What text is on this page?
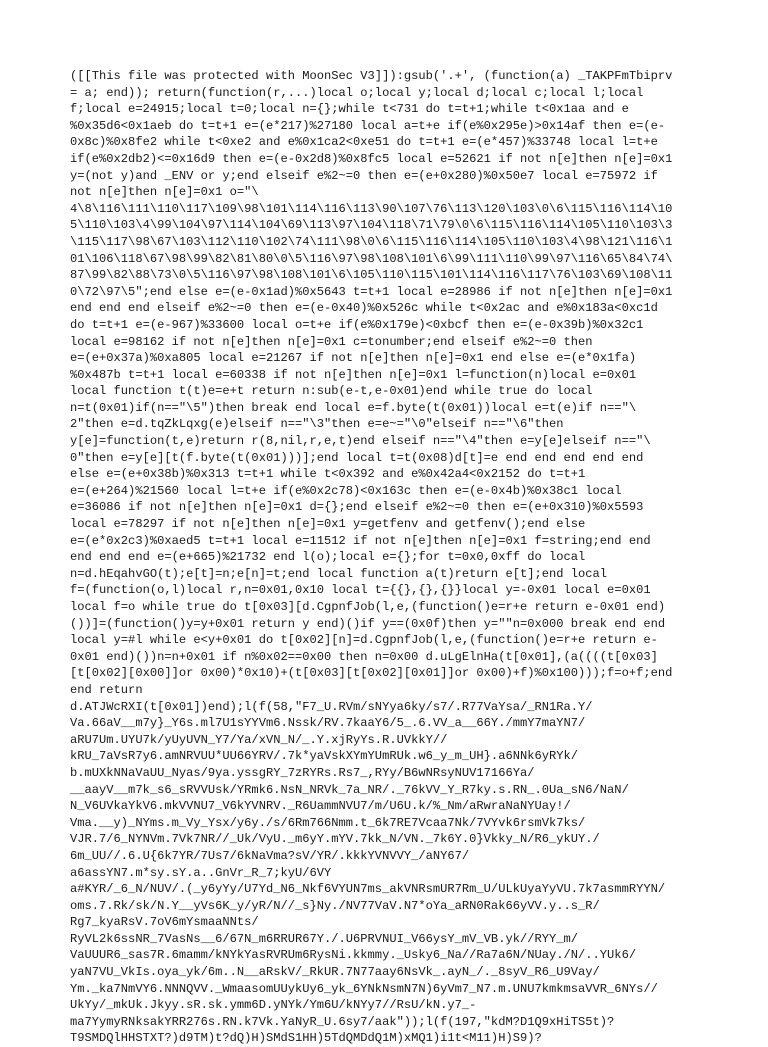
([[This file was protected with MoonSec V3]]):gsub('.+', (function(a) _TAKPFmTbiprv
= a; end)); return(function(r,...)local o;local y;local d;local c;local l;local
f;local e=24915;local t=0;local n={};while t<731 do t=t+1;while t<0x1aa and e
%0x35d6<0x1aeb do t=t+1 e=(e*217)%27180 local a=t+e if(e%0x295e)>0x14af then e=(e-
0x8c)%0x8fe2 while t<0xe2 and e%0x1ca2<0xe51 do t=t+1 e=(e*457)%33748 local l=t+e
if(e%0x2db2)<=0x16d9 then e=(e-0x2d8)%0x8fc5 local e=52621 if not n[e]then n[e]=0x1
y=(not y)and _ENV or y;end elseif e%2~=0 then e=(e+0x280)%0x50e7 local e=75972 if
not n[e]then n[e]=0x1 o="\
4\8\116\111\110\117\109\98\101\114\116\113\90\107\76\113\120\103\0\6\115\116\114\10
5\110\103\4\99\104\97\114\104\69\113\97\104\118\71\79\0\6\115\116\114\105\110\103\3
\115\117\98\67\103\112\110\102\74\111\98\0\6\115\116\114\105\110\103\4\98\121\116\1
01\106\118\67\98\99\82\81\80\0\5\116\97\98\108\101\6\99\111\110\99\97\116\65\84\74\
87\99\82\88\73\0\5\116\97\98\108\101\6\105\110\115\101\114\116\117\76\103\69\108\11
0\72\97\5";end else e=(e-0x1ad)%0x5643 t=t+1 local e=28986 if not n[e]then n[e]=0x1
end end end elseif e%2~=0 then e=(e-0x40)%0x526c while t<0x2ac and e%0x183a<0xc1d
do t=t+1 e=(e-967)%33600 local o=t+e if(e%0x179e)<0xbcf then e=(e-0x39b)%0x32c1
local e=98162 if not n[e]then n[e]=0x1 c=tonumber;end elseif e%2~=0 then
e=(e+0x37a)%0xa805 local e=21267 if not n[e]then n[e]=0x1 end else e=(e*0x1fa)
%0x487b t=t+1 local e=60338 if not n[e]then n[e]=0x1 l=function(n)local e=0x01
local function t(t)e=e+t return n:sub(e-t,e-0x01)end while true do local
n=t(0x01)if(n=="\5")then break end local e=f.byte(t(0x01))local e=t(e)if n=="\
2"then e=d.tqZkLqxg(e)elseif n=="\3"then e=e~="\0"elseif n=="\6"then
y[e]=function(t,e)return r(8,nil,r,e,t)end elseif n=="\4"then e=y[e]elseif n=="\
0"then e=y[e][t(f.byte(t(0x01)))];end local t=t(0x08)d[t]=e end end end end end
else e=(e+0x38b)%0x313 t=t+1 while t<0x392 and e%0x42a4<0x2152 do t=t+1
e=(e+264)%21560 local l=t+e if(e%0x2c78)<0x163c then e=(e-0x4b)%0x38c1 local
e=36086 if not n[e]then n[e]=0x1 d={};end elseif e%2~=0 then e=(e+0x310)%0x5593
local e=78297 if not n[e]then n[e]=0x1 y=getfenv and getfenv();end else
e=(e*0x2c3)%0xaed5 t=t+1 local e=11512 if not n[e]then n[e]=0x1 f=string;end end
end end end e=(e+665)%21732 end l(o);local e={};for t=0x0,0xff do local
n=d.hEqahvGO(t);e[t]=n;e[n]=t;end local function a(t)return e[t];end local
f=(function(o,l)local r,n=0x01,0x10 local t={{},{},{}}local y=-0x01 local e=0x01
local f=o while true do t[0x03][d.CgpnfJob(l,e,(function()e=r+e return e-0x01 end)
())]=(function()y=y+0x01 return y end)()if y==(0x0f)then y=""n=0x000 break end end
local y=#l while e<y+0x01 do t[0x02][n]=d.CgpnfJob(l,e,(function()e=r+e return e-
0x01 end)())n=n+0x01 if n%0x02==0x00 then n=0x00 d.uLgElnHa(t[0x01],(a((((t[0x03]
[t[0x02][0x00]]or 0x00)*0x10)+(t[0x03][t[0x02][0x01]]or 0x00)+f)%0x100)));f=o+f;end
end return
d.ATJWcRXI(t[0x01])end);l(f(58,"F7_U.RVm/sNYya6ky/s7/.R77VaYsa/_RN1Ra.Y/
Va.66aV__m7y}_Y6s.ml7U1sYYVm6.Nssk/RV.7kaaY6/5_.6.VV_a__66Y./mmY7maYN7/
aRU7Um.UYU7k/yUyUVN_Y7/Ya/xVN_N/_.Y.xjRyYs.R.UVkkY//
kRU_7aVsR7y6.amNRVUU*UU66YRV/.7k*yaVskXYmYUmRUk.w6_y_m_UH}.a6NNk6yRYk/
b.mUXkNNaVaUU_Nyas/9ya.yssgRY_7zRYRs.Rs7_,RYy/B6wNRsyNUV17166Ya/
__aayV__m7k_s6_sRVVUsk/YRmk6.NsN_NRVk_7a_NR/._76kVV_Y_R7ky.s.RN_.0Ua_sN6/NaN/
N_V6UVkaYkV6.mkVVNU7_V6kYVNRV._R6UammNVU7/m/U6U.k/%_Nm/aRwraNaNYUay!/
Vma.__y)_NYms.m_Vy_Ysx/y6y./s/6Rm766Nmm.t_6k7RE7Vcaa7Nk/7VYvk6rsmVk7ks/
VJR.7/6_NYNVm.7Vk7NR//_Uk/VyU._m6yY.mYV.7kk_N/VN._7k6Y.0}Vkky_N/R6_ykUY./
6m_UU//.6.U{6k7YR/7Us7/6kNaVma?sV/YR/.kkkYVNVVY_/aNY67/
a6assYN7.m*sy.sY.a..GnVr_R_7;kyU/6VY
a#KYR/_6_N/NUV/.(_y6yYy/U7Yd_N6_Nkf6VYUN7ms_akVNRsmUR7Rm_U/ULkUyaYyVU.7k7asmmRYYN/
oms.7.Rk/sk/N.Y__yVs6K_y/yR/N//_s}Ny./NV77VaV.N7*oYa_aRN0Rak66yVV.y..s_R/
Rg7_kyaRsV.7oV6mYsmaaNNts/
RyVL2k6ssNR_7VasNs__6/67N_m6RRUR67Y./.U6PRVNUI_V66ysY_mV_VB.yk//RYY_m/
VaUUUR6_sas7R.6mamm/kNYkYasRVRUm6RysNi.kkmmy._Usky6_Na//Ra7a6N/NUay./N/..YUk6/
yaN7VU_VkIs.oya_yk/6m..N__aRskV/_RkUR.7N77aay6NsVk_.ayN_/._8syV_R6_U9Vay/
Ym._ka7NmVY6.NNNQVV._WmaasomUUykUy6_yk_6YNkNsmN7N)6yVm7_N7.m.UNU7kmkmsaVVR_6NYs//
UkYy/_mkUk.Jkyy.sR.sk.ymm6D.yNYk/Ym6U/kNYy7//RsU/kN.y7_-
ma7YymyRNksakYRR276s.RN.k7Vk.YaNyR_U.6sy7/aak"));l(f(197,"kdM?D1Q9xHiTS5t)?
T9SMDQlHHSTXT?)d9TM)t?dQ)H)SMdS1HH)5TdQMDdQ1M)xMQ1)i1t<M11)H)S9)?
